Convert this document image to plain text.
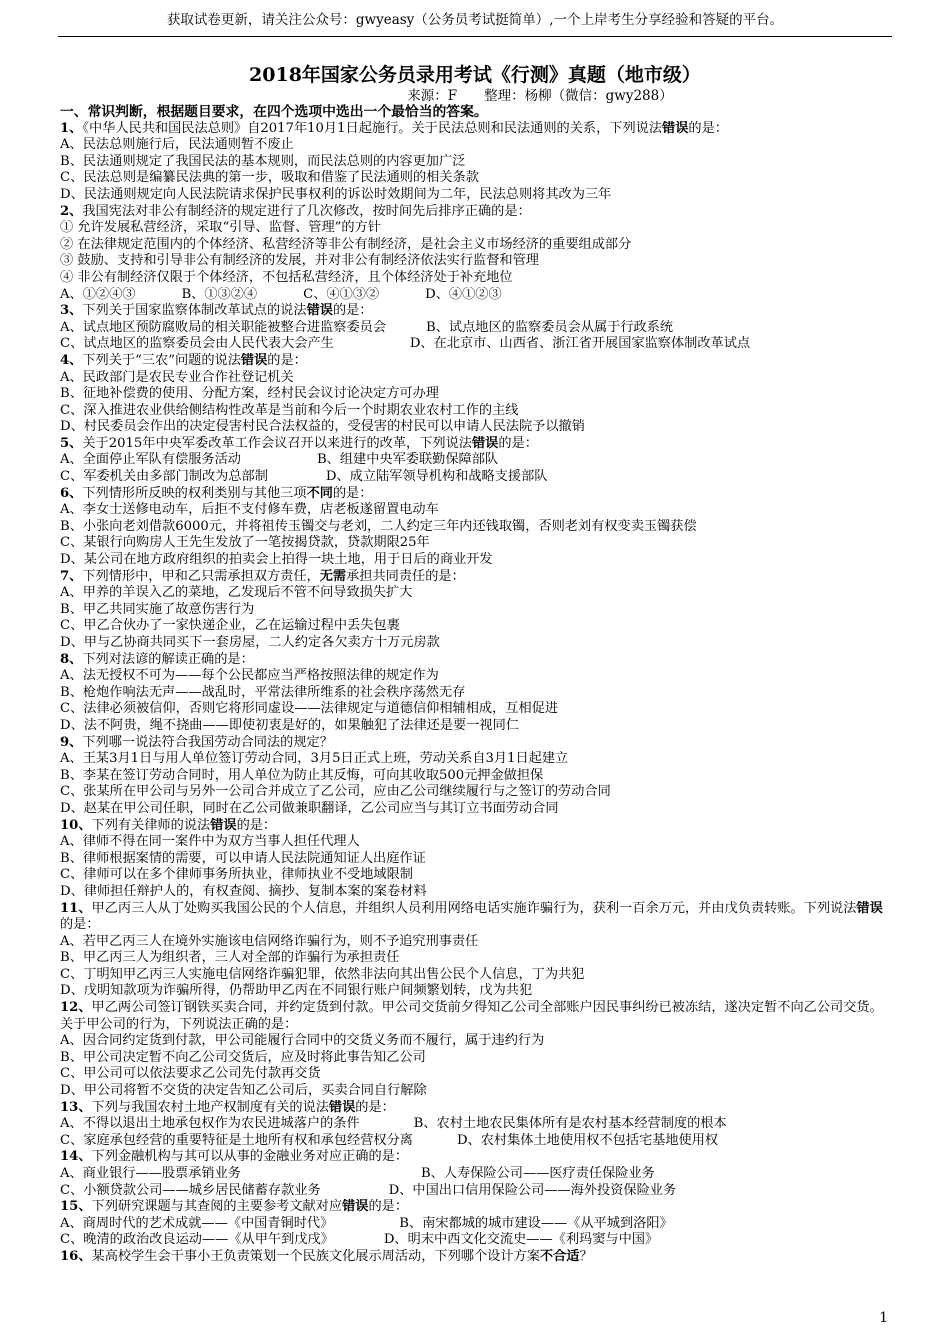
获取试卷更新，请关注公众号：gwyeasy（公务员考试挺简单）,一个上岸考生分享经验和答疑的平台。
2018年国家公务员录用考试《行测》真题（地市级）
来源：F　　整理：杨柳（微信：gwy288）
一、常识判断，根据题目要求，在四个选项中选出一个最恰当的答案。
1、《中华人民共和国民法总则》自2017年10月1日起施行。关于民法总则和民法通则的关系，下列说法错误的是：
A、民法总则施行后，民法通则暂不废止
B、民法通则规定了我国民法的基本规则，而民法总则的内容更加广泛
C、民法总则是编纂民法典的第一步，吸取和借鉴了民法通则的相关条款
D、民法通则规定向人民法院请求保护民事权利的诉讼时效期间为二年，民法总则将其改为三年
2、我国宪法对非公有制经济的规定进行了几次修改，按时间先后排序正确的是：
① 允许发展私营经济，采取“引导、监督、管理”的方针
② 在法律规定范围内的个体经济、私营经济等非公有制经济，是社会主义市场经济的重要组成部分
③ 鼓励、支持和引导非公有制经济的发展，并对非公有制经济依法实行监督和管理
④ 非公有制经济仅限于个体经济，不包括私营经济，且个体经济处于补充地位
A、①②④③	B、①③②④	C、④①③②	D、④①②③
3、下列关于国家监察体制改革试点的说法错误的是：
A、试点地区预防腐败局的相关职能被整合进监察委员会	B、试点地区的监察委员会从属于行政系统
C、试点地区的监察委员会由人民代表大会产生	D、在北京市、山西省、浙江省开展国家监察体制改革试点
4、下列关于“三农”问题的说法错误的是：
A、民政部门是农民专业合作社登记机关
B、征地补偿费的使用、分配方案，经村民会议讨论决定方可办理
C、深入推进农业供给侧结构性改革是当前和今后一个时期农业农村工作的主线
D、村民委员会作出的决定侵害村民合法权益的，受侵害的村民可以申请人民法院予以撤销
5、关于2015年中央军委改革工作会议召开以来进行的改革，下列说法错误的是：
A、全面停止军队有偿服务活动	B、组建中央军委联勤保障部队
C、军委机关由多部门制改为总部制	D、成立陆军领导机构和战略支援部队
6、下列情形所反映的权利类别与其他三项不同的是：
A、李女士送修电动车，后拒不支付修车费，店老板遂留置电动车
B、小张向老刘借款6000元，并将祖传玉镯交与老刘，二人约定三年内还钱取镯，否则老刘有权变卖玉镯获偿
C、某银行向购房人王先生发放了一笔按揭贷款，贷款期限25年
D、某公司在地方政府组织的拍卖会上拍得一块土地，用于日后的商业开发
7、下列情形中，甲和乙只需承担双方责任，无需承担共同责任的是：
A、甲养的羊误入乙的菜地，乙发现后不管不问导致损失扩大
B、甲乙共同实施了故意伤害行为
C、甲乙合伙办了一家快递企业，乙在运输过程中丢失包裹
D、甲与乙协商共同买下一套房屋，二人约定各欠卖方十万元房款
8、下列对法谚的解读正确的是：
A、法无授权不可为——每个公民都应当严格按照法律的规定作为
B、枪炮作响法无声——战乱时，平常法律所维系的社会秩序荡然无存
C、法律必须被信仰，否则它将形同虚设——法律规定与道德信仰相辅相成，互相促进
D、法不阿贵，绳不挠曲——即使初衷是好的，如果触犯了法律还是要一视同仁
9、下列哪一说法符合我国劳动合同法的规定？
A、王某3月1日与用人单位签订劳动合同，3月5日正式上班，劳动关系自3月1日起建立
B、李某在签订劳动合同时，用人单位为防止其反悔，可向其收取500元押金做担保
C、张某所在甲公司与另外一公司合并成立了乙公司，应由乙公司继续履行与之签订的劳动合同
D、赵某在甲公司任职，同时在乙公司做兼职翻译，乙公司应当与其订立书面劳动合同
10、下列有关律师的说法错误的是：
A、律师不得在同一案件中为双方当事人担任代理人
B、律师根据案情的需要，可以申请人民法院通知证人出庭作证
C、律师可以在多个律师事务所执业，律师执业不受地域限制
D、律师担任辩护人的，有权查阅、摘抄、复制本案的案卷材料
11、甲乙丙三人从丁处购买我国公民的个人信息，并组织人员利用网络电话实施诈骗行为，获利一百余万元，并由戊负责转账。下列说法错误的是：
A、若甲乙丙三人在境外实施该电信网络诈骗行为，则不予追究刑事责任
B、甲乙丙三人为组织者，三人对全部的诈骗行为承担责任
C、丁明知甲乙丙三人实施电信网络诈骗犯罪，依然非法向其出售公民个人信息，丁为共犯
D、戊明知款项为诈骗所得，仍帮助甲乙丙在不同银行账户间频繁划转，戊为共犯
12、甲乙两公司签订钢铁买卖合同，并约定货到付款。甲公司交货前夕得知乙公司全部账户因民事纠纷已被冻结，遂决定暂不向乙公司交货。关于甲公司的行为，下列说法正确的是：
A、因合同约定货到付款，甲公司能履行合同中的交货义务而不履行，属于违约行为
B、甲公司决定暂不向乙公司交货后，应及时将此事告知乙公司
C、甲公司可以依法要求乙公司先付款再交货
D、甲公司将暂不交货的决定告知乙公司后，买卖合同自行解除
13、下列与我国农村土地产权制度有关的说法错误的是：
A、不得以退出土地承包权作为农民进城落户的条件	B、农村土地农民集体所有是农村基本经营制度的根本
C、家庭承包经营的重要特征是土地所有权和承包经营权分离	D、农村集体土地使用权不包括宅基地使用权
14、下列金融机构与其可以从事的金融业务对应正确的是：
A、商业银行——股票承销业务	B、人寿保险公司——医疗责任保险业务
C、小额贷款公司——城乡居民储蓄存款业务	D、中国出口信用保险公司——海外投资保险业务
15、下列研究课题与其查阅的主要参考文献对应错误的是：
A、商周时代的艺术成就——《中国青铜时代》	B、南宋都城的城市建设——《从平城到洛阳》
C、晚清的政治改良运动——《从甲午到戊戌》	D、明末中西文化交流史——《利玛窦与中国》
16、某高校学生会干事小王负责策划一个民族文化展示周活动，下列哪个设计方案不合适？
1
